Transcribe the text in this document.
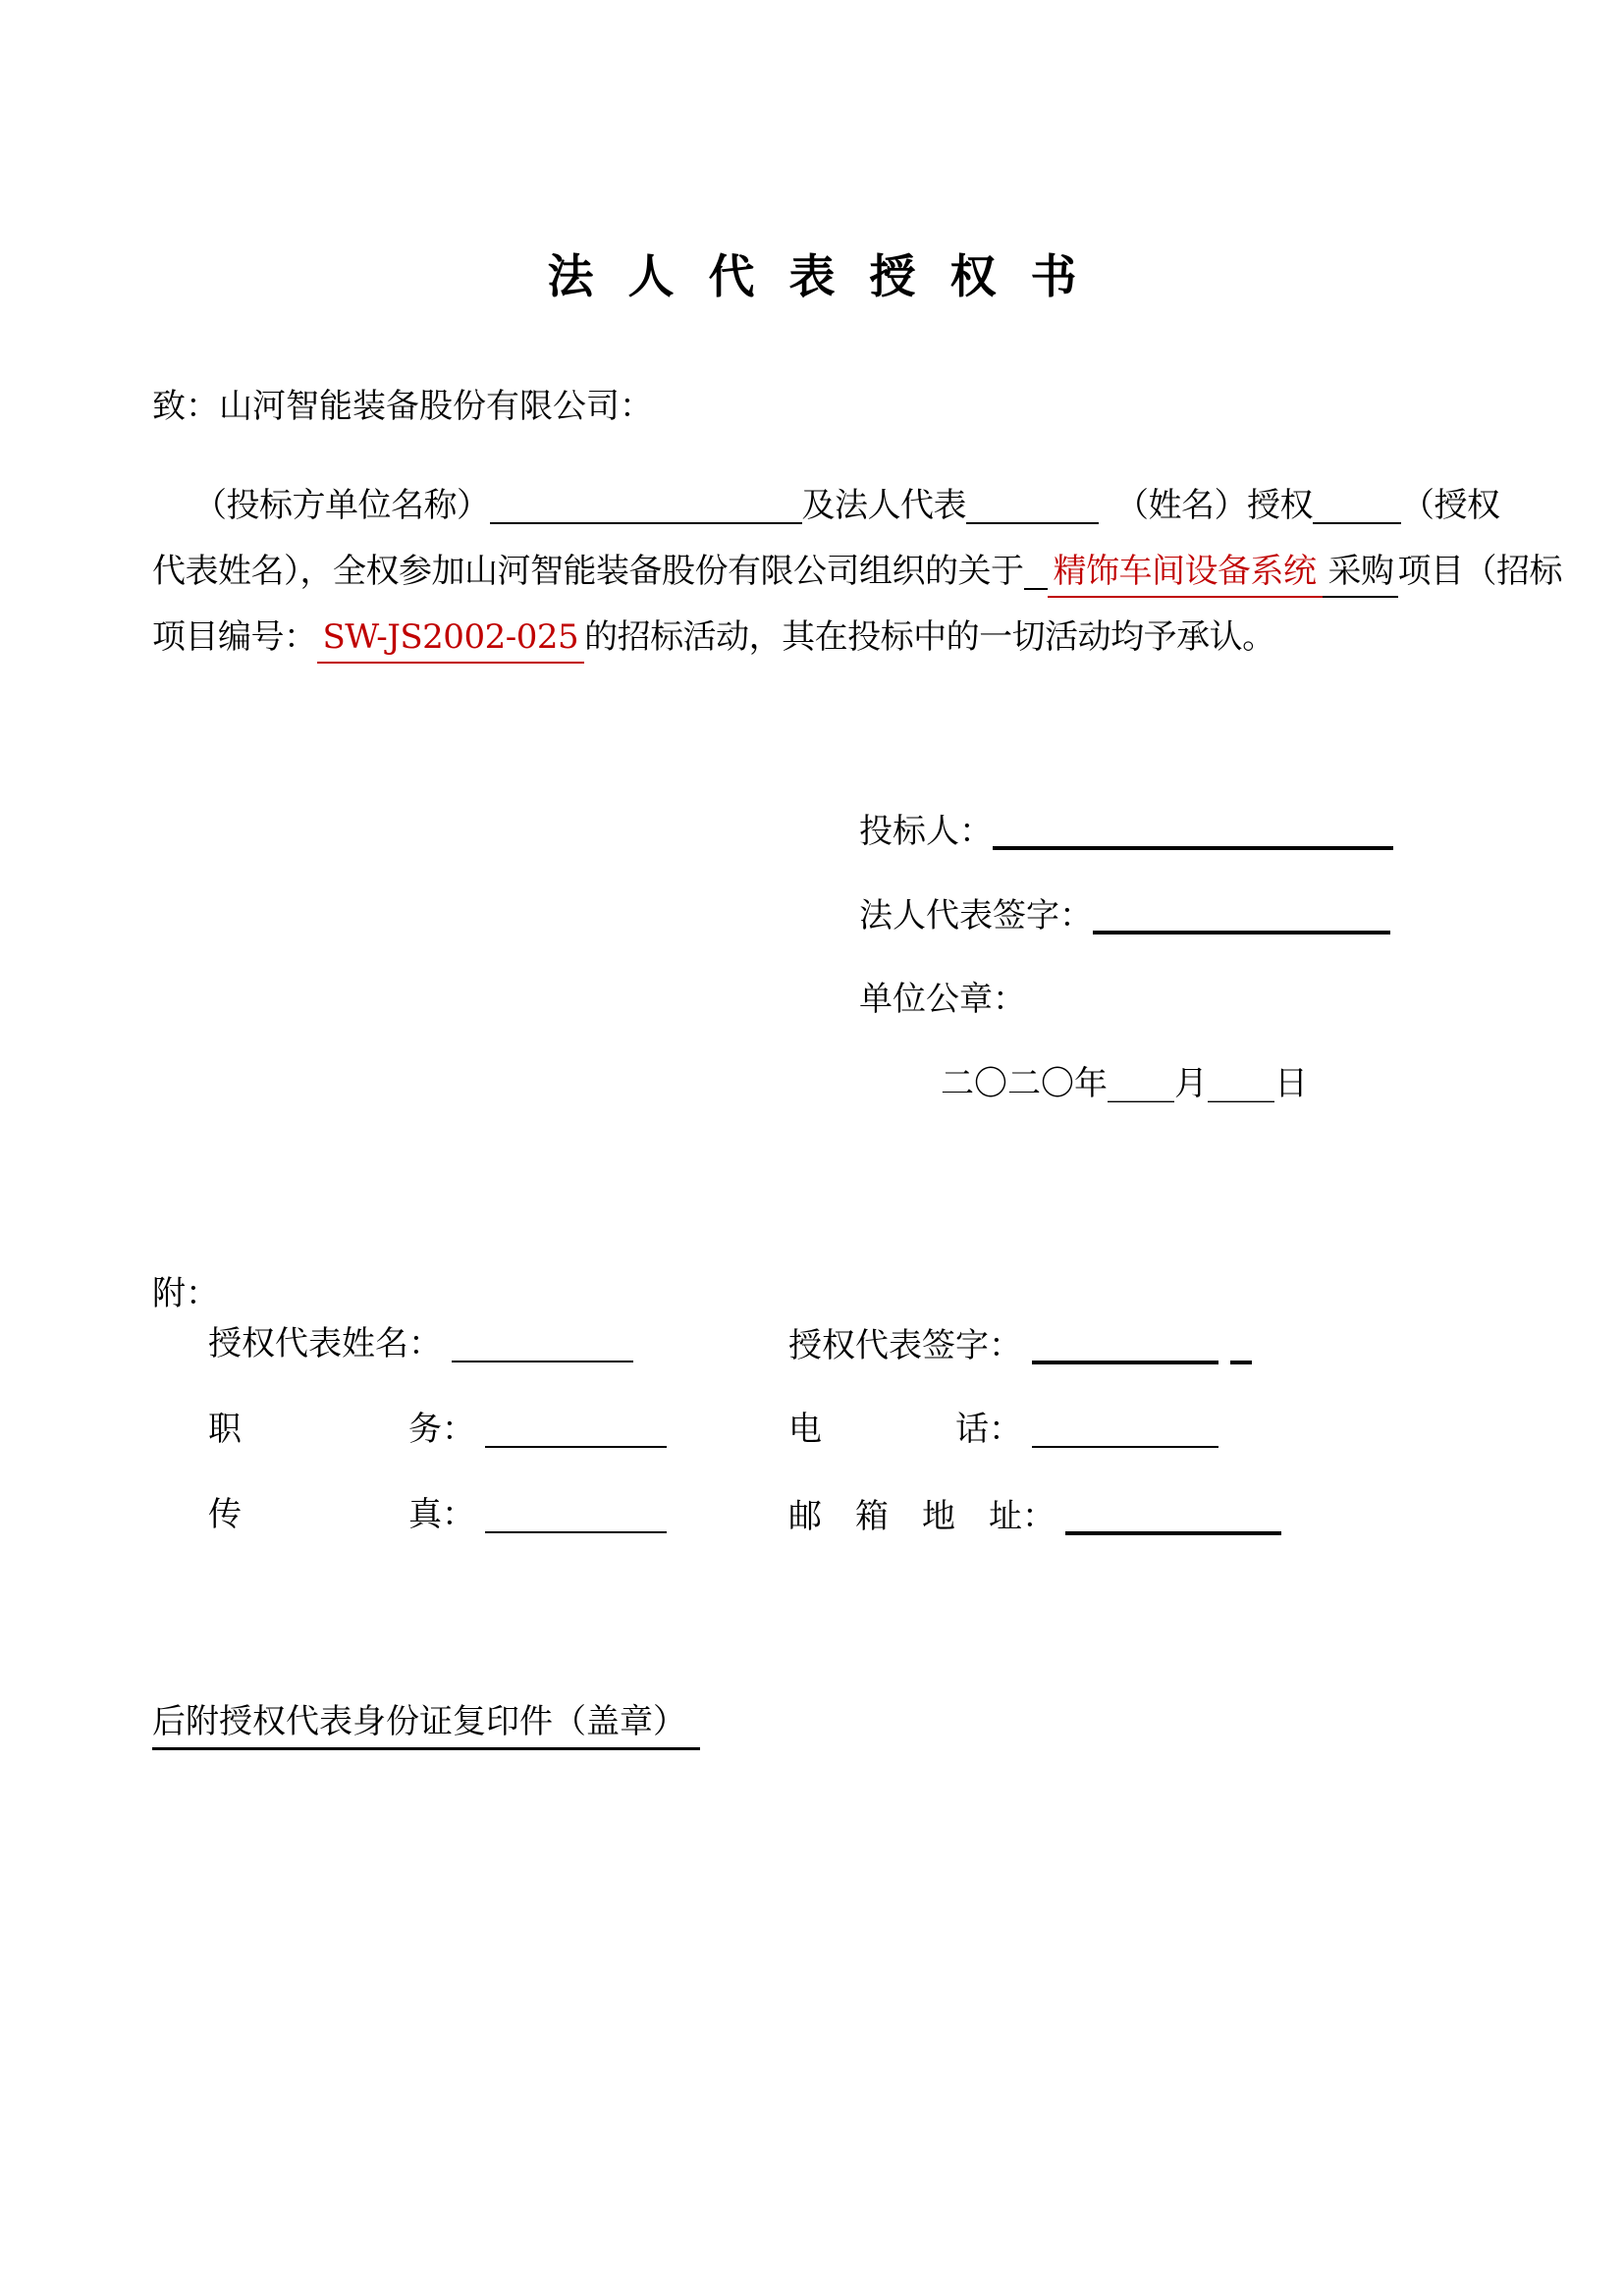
法人代表授权书
致：山河智能装备股份有限公司：
（投标方单位名称）	及法人代表	（姓名）授权	（授权
代表姓名），全权参加山河智能装备股份有限公司组织的关于 精饰车间设备系统 采购 项目（招标
项目编号： SW-JS2002-025 的招标活动，其在投标中的一切活动均予承认。
投标人：
法人代表签字：
单位公章：
二〇二〇年____月____日
附：
授权代表姓名：	授权代表签字：
职　　　　　务：	电　　　　话：
传　　　　　真：	邮　箱　地　址：
后附授权代表身份证复印件（盖章）
